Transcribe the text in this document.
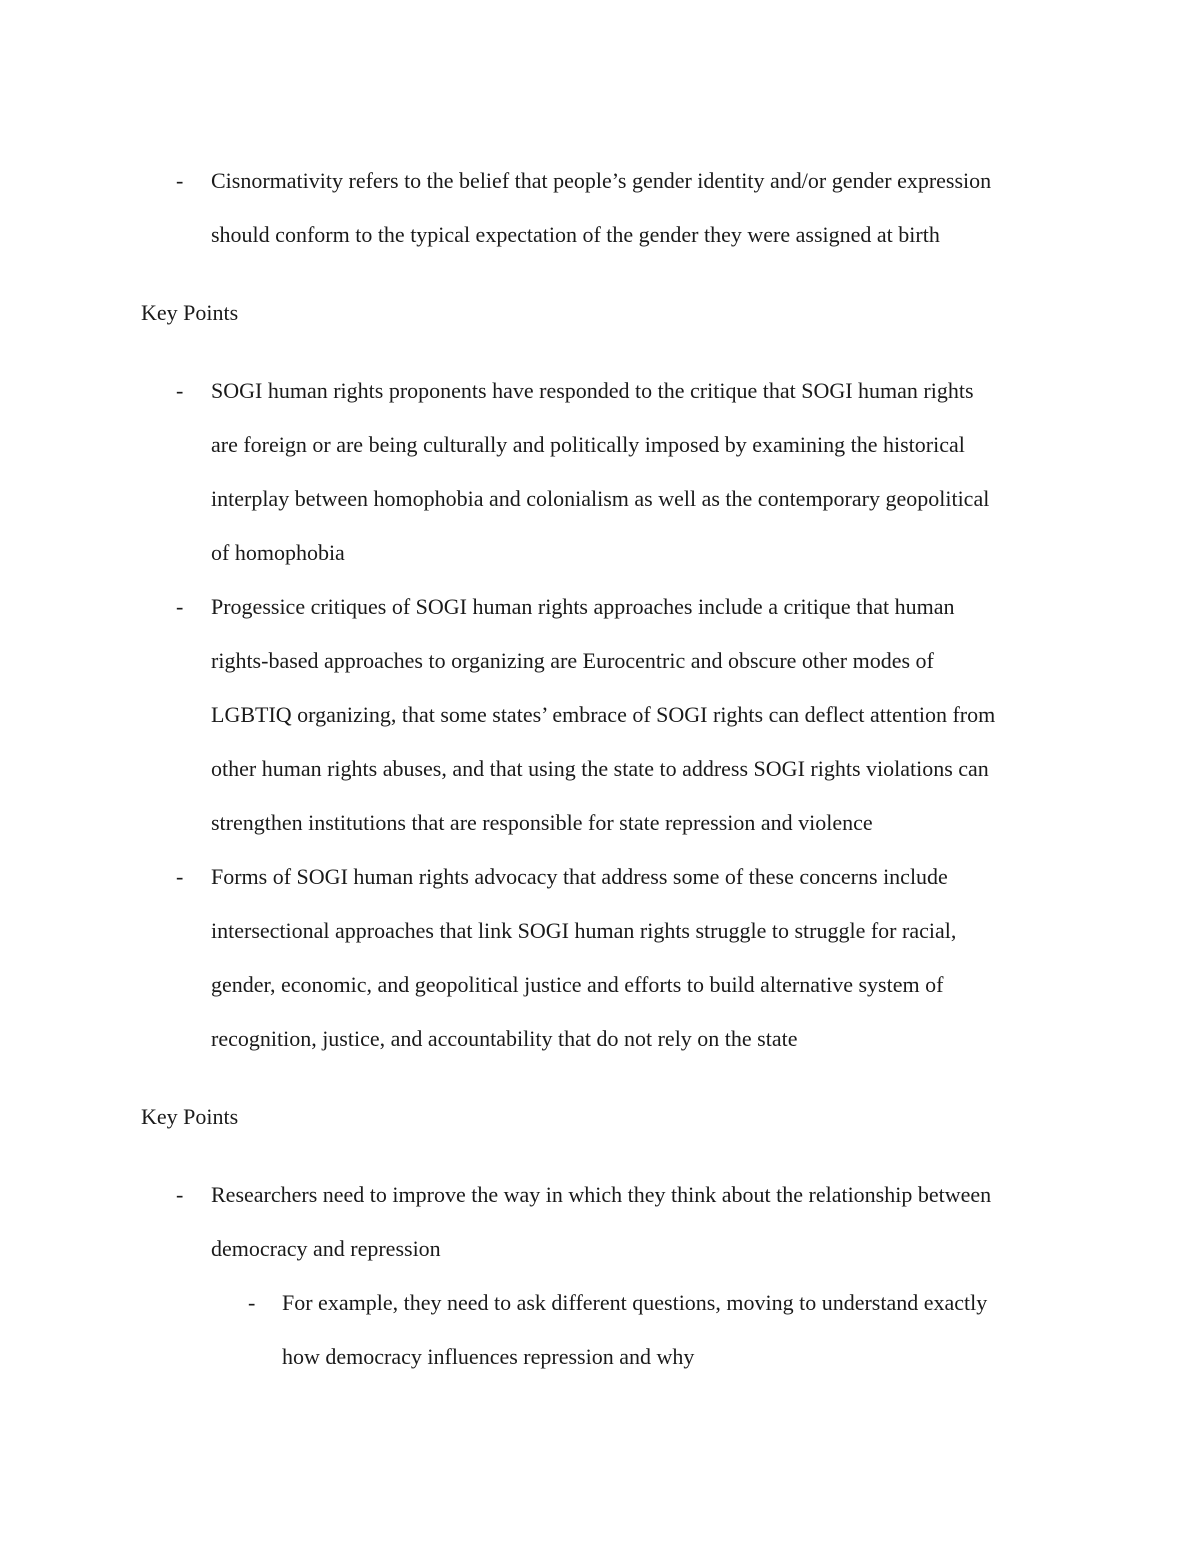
- Cisnormativity refers to the belief that people’s gender identity and/or gender expression
should conform to the typical expectation of the gender they were assigned at birth
Key Points
- SOGI human rights proponents have responded to the critique that SOGI human rights
are foreign or are being culturally and politically imposed by examining the historical
interplay between homophobia and colonialism as well as the contemporary geopolitical
of homophobia
- Progessice critiques of SOGI human rights approaches include a critique that human
rights-based approaches to organizing are Eurocentric and obscure other modes of
LGBTIQ organizing, that some states’ embrace of SOGI rights can deflect attention from
other human rights abuses, and that using the state to address SOGI rights violations can
strengthen institutions that are responsible for state repression and violence
- Forms of SOGI human rights advocacy that address some of these concerns include
intersectional approaches that link SOGI human rights struggle to struggle for racial,
gender, economic, and geopolitical justice and efforts to build alternative system of
recognition, justice, and accountability that do not rely on the state
Key Points
- Researchers need to improve the way in which they think about the relationship between
democracy and repression
- For example, they need to ask different questions, moving to understand exactly
how democracy influences repression and why
